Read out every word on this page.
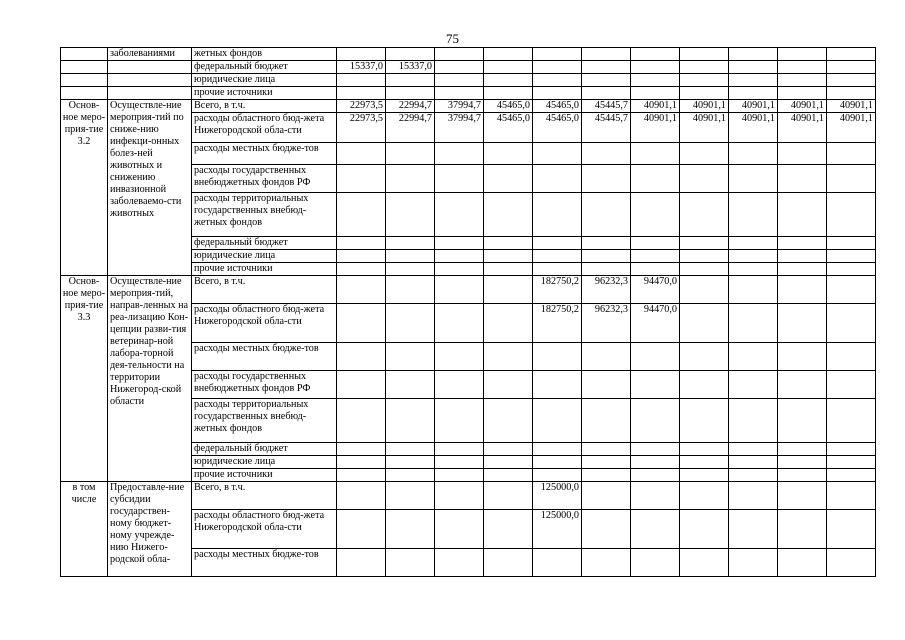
75
	заболеваниями	жетных фондов											
		федеральный бюджет	15337,0	15337,0									
		юридические лица											
		прочие источники											
Основ-ное меро-прия-тие 3.2	Осуществле-ние мероприя-тий по сниже-нию инфекци-онных болез-ней животных и снижению инвазионной заболеваемо-сти животных	Всего, в т.ч.	22973,5	22994,7	37994,7	45465,0	45465,0	45445,7	40901,1	40901,1	40901,1	40901,1	40901,1
		расходы областного бюд-жета Нижегородской обла-сти	22973,5	22994,7	37994,7	45465,0	45465,0	45445,7	40901,1	40901,1	40901,1	40901,1	40901,1
		расходы местных бюдже-тов											
		расходы государственных внебюджетных фондов РФ											
		расходы территориальных государственных внебюд-жетных фондов											
		федеральный бюджет											
		юридические лица											
		прочие источники											
Основ-ное меро-прия-тие 3.3	Осуществле-ние мероприя-тий, направ-ленных на реа-лизацию Кон-цепции разви-тия ветеринар-ной лабора-торной дея-тельности на территории Нижегород-ской области	Всего, в т.ч.					182750,2	96232,3	94470,0				
		расходы областного бюд-жета Нижегородской обла-сти					182750,2	96232,3	94470,0				
		расходы местных бюдже-тов											
		расходы государственных внебюджетных фондов РФ											
		расходы территориальных государственных внебюд-жетных фондов											
		федеральный бюджет											
		юридические лица											
		прочие источники											
в том числе	Предоставле-ние субсидии государствен-ному бюджет-ному учрежде-нию Нижего-родской обла-	Всего, в т.ч.					125000,0						
		расходы областного бюд-жета Нижегородской обла-сти					125000,0						
		расходы местных бюдже-тов											
